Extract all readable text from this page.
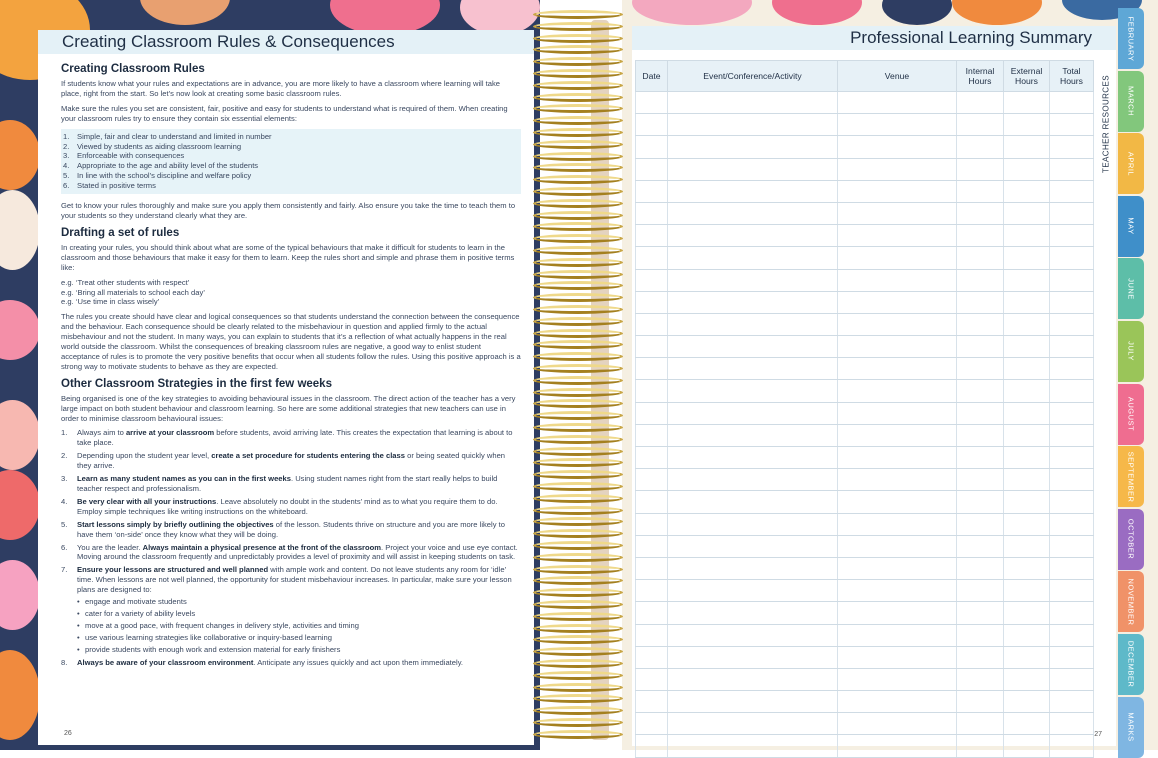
Creating Classroom Rules & Consequences
Creating Classroom Rules

If students know what your rules and expectations are in advance, you are more likely to have a classroom where learning will take place, right from the start. So let’s now look at creating some basic classroom rules.

Make sure the rules you set are consistent, fair, positive and easy for students to understand what is required of them. When creating your classroom rules try to ensure they contain six essential elements:

1. Simple, fair and clear to understand and limited in number
2. Viewed by students as aiding classroom learning
3. Enforceable with consequences
4. Appropriate to the age and ability level of the students
5. In line with the school’s discipline and welfare policy
6. Stated in positive terms

Get to know your rules thoroughly and make sure you apply them consistently and fairly. Also ensure you take the time to teach them to your students so they understand clearly what they are.

Drafting a set of rules

In creating your rules, you should think about what are some of the typical behaviours that make it difficult for students to learn in the classroom and those behaviours that make it easy for them to learn. Keep the rules short and simple and phrase them in positive terms like:

e.g. ‘Treat other students with respect’
e.g. ‘Bring all materials to school each day’
e.g. ‘Use time in class wisely’

The rules you create should have clear and logical consequences so that students understand the connection between the consequence and the behaviour. Each consequence should be clearly related to the misbehaviour in question and applied firmly to the actual misbehaviour and not the student. In many ways, you can explain to students that it’s a reflection of what actually happens in the real world outside the classroom. Whilst the consequences of breaking classroom rules are negative, a good way to enlist student acceptance of rules is to promote the very positive benefits that occur when all students follow the rules. Using this positive approach is a strong way to motivate students to behave as they are expected.

Other Classroom Strategies in the first few weeks

Being organised is one of the key strategies to avoiding behavioural issues in the classroom. The direct action of the teacher has a very large impact on both student behaviour and classroom learning. So here are some additional strategies that new teachers can use in order to minimise classroom behavioural issues:

1. Always aim to arrive at your classroom before students, avoid arriving late. This creates the expectation that learning is about to take place.
2. Depending upon the student year level, create a set procedure for students entering the class or being seated quickly when they arrive.
3. Learn as many student names as you can in the first weeks. Using student names right from the start really helps to build teacher respect and professionalism.
4. Be very clear with all your instructions. Leave absolutely no doubt in the students’ mind as to what you require them to do. Employ simple techniques like writing instructions on the whiteboard.
5. Start lessons simply by briefly outlining the objectives of the lesson. Students thrive on structure and you are more likely to have them ‘on-side’ once they know what they will be doing.
6. You are the leader. Always maintain a physical presence at the front of the classroom. Project your voice and use eye contact. Moving around the classroom frequently and unpredictably provides a level of proximity and will assist in keeping students on task.
7. Ensure your lessons are structured and well planned with ample work and content. Do not leave students any room for ‘idle’ time. When lessons are not well planned, the opportunity for student misbehaviour increases. In particular, make sure your lesson plans are designed to:
• engage and motivate students
• cater for a variety of ability levels
• move at a good pace, with frequent changes in delivery style, activities and timing
• use various learning strategies like collaborative or inquiry-based learning
• provide students with enough work and extension material for early finishers
8. Always be aware of your classroom environment. Anticipate any issues quickly and act upon them immediately.
26
Professional Learning Summary
Date	Event/Conference/Activity	Venue	Internal Hours	External Hours	Total Hours

27
TEACHER RESOURCES
FEBRUARY
MARCH
APRIL
MAY
JUNE
JULY
AUGUST
SEPTEMBER
OCTOBER
NOVEMBER
DECEMBER
MARKS
